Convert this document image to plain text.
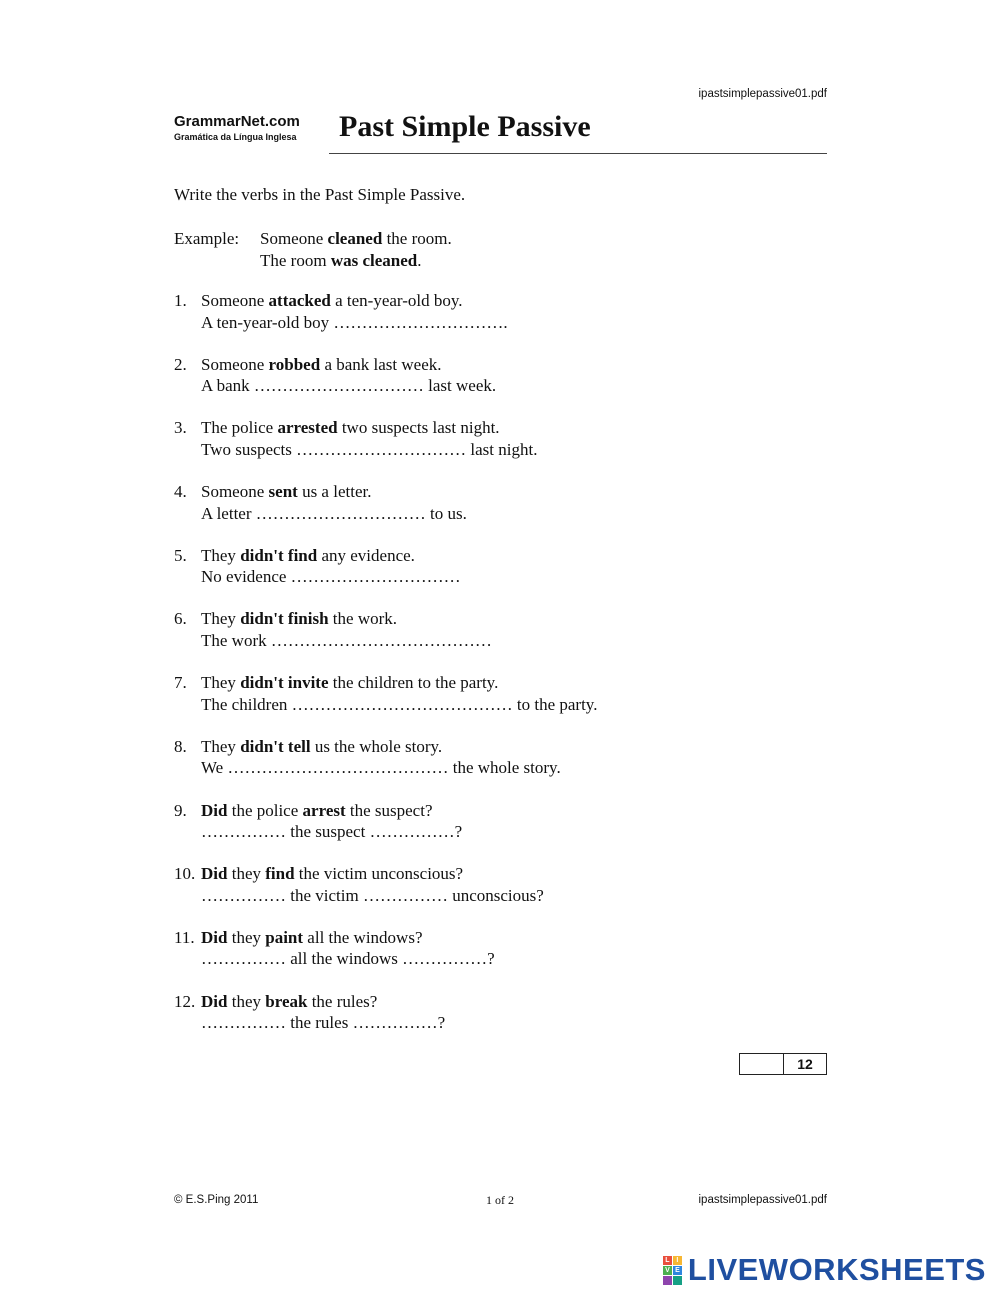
ipastsimplepassive01.pdf
GrammarNet.com
Gramática da Língua Inglesa Past Simple Passive
Write the verbs in the Past Simple Passive.
Example: Someone cleaned the room.
The room was cleaned.
1. Someone attacked a ten-year-old boy.
A ten-year-old boy ………………………….
2. Someone robbed a bank last week.
A bank ………………………… last week.
3. The police arrested two suspects last night.
Two suspects ………………………… last night.
4. Someone sent us a letter.
A letter ………………………… to us.
5. They didn't find any evidence.
No evidence …………………………
6. They didn't finish the work.
The work …………………………………
7. They didn't invite the children to the party.
The children ………………………………… to the party.
8. They didn't tell us the whole story.
We ………………………………… the whole story.
9. Did the police arrest the suspect?
…………… the suspect ……………?
10. Did they find the victim unconscious?
…………… the victim …………… unconscious?
11. Did they paint all the windows?
…………… all the windows ……………?
12. Did they break the rules?
…………… the rules ……………?
12
© E.S.Ping 2011	1 of 2	ipastsimplepassive01.pdf
L I
V E LIVEWORKSHEETS
